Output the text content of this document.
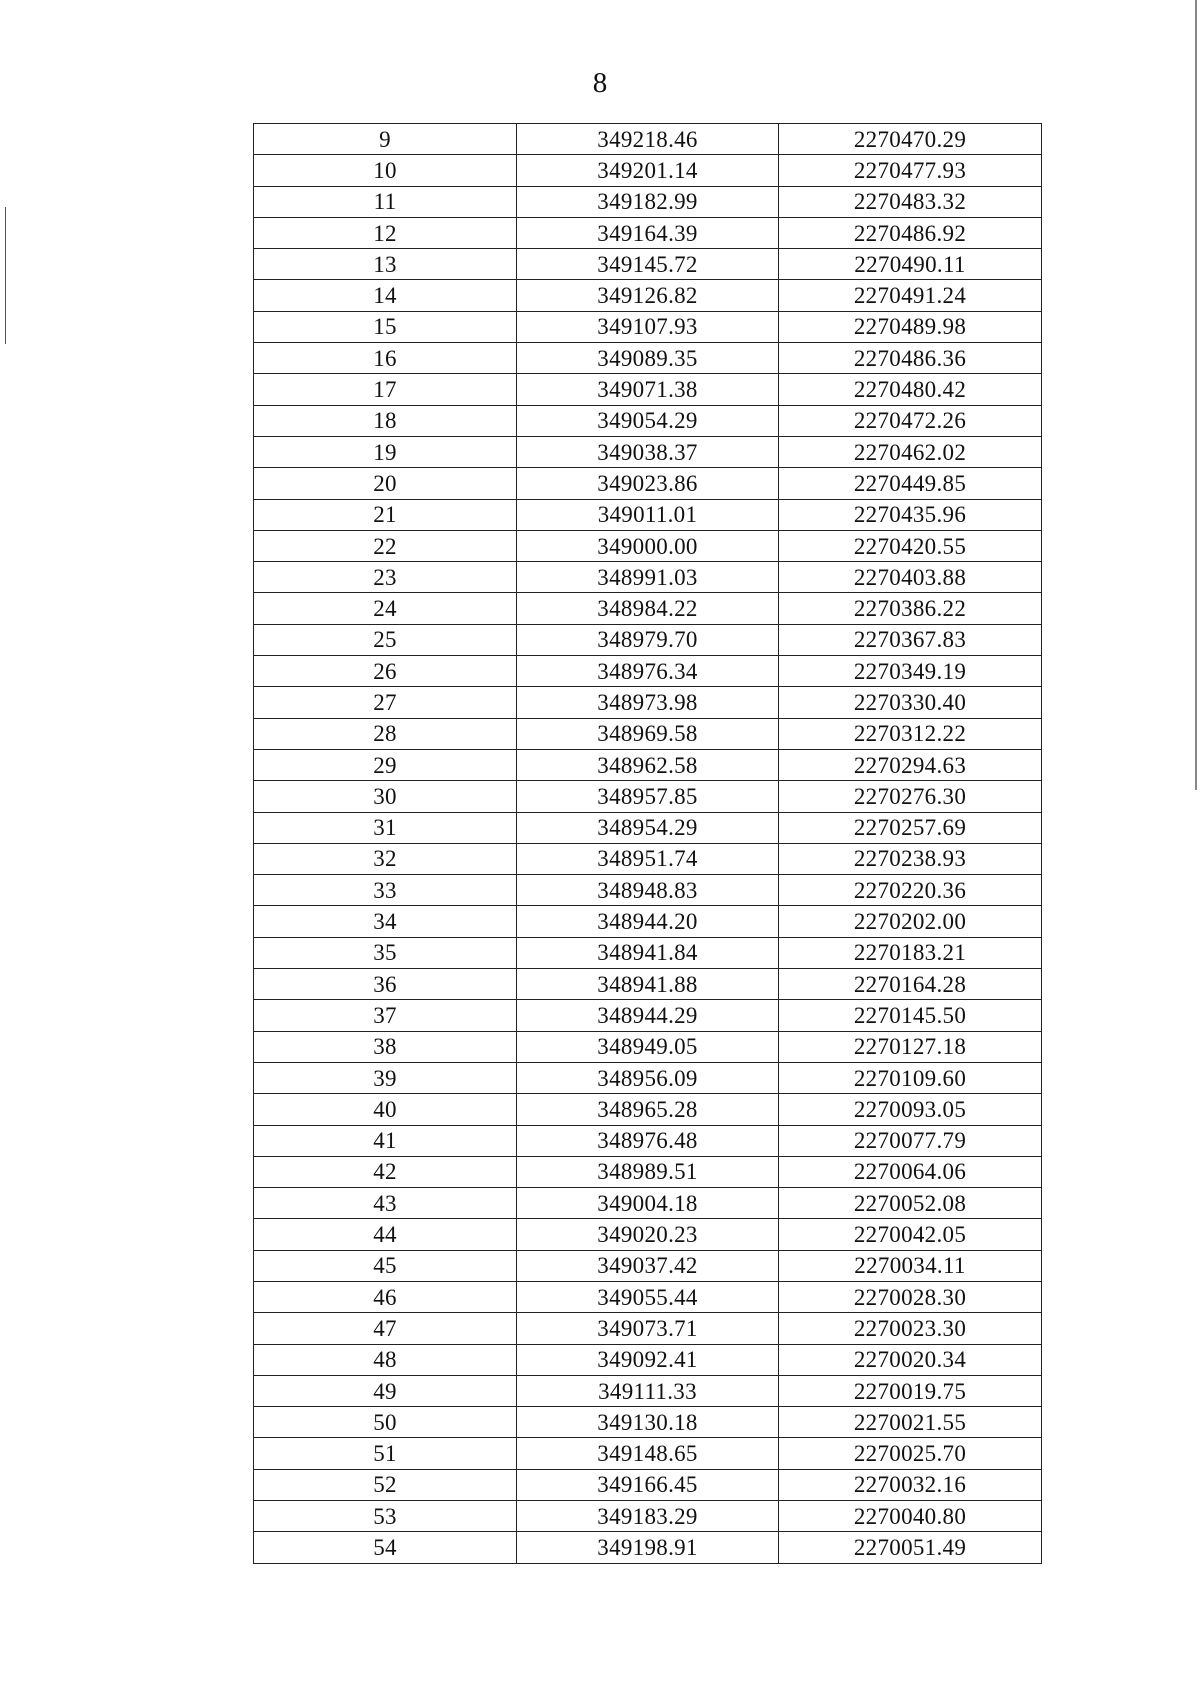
8
9	349218.46	2270470.29
10	349201.14	2270477.93
11	349182.99	2270483.32
12	349164.39	2270486.92
13	349145.72	2270490.11
14	349126.82	2270491.24
15	349107.93	2270489.98
16	349089.35	2270486.36
17	349071.38	2270480.42
18	349054.29	2270472.26
19	349038.37	2270462.02
20	349023.86	2270449.85
21	349011.01	2270435.96
22	349000.00	2270420.55
23	348991.03	2270403.88
24	348984.22	2270386.22
25	348979.70	2270367.83
26	348976.34	2270349.19
27	348973.98	2270330.40
28	348969.58	2270312.22
29	348962.58	2270294.63
30	348957.85	2270276.30
31	348954.29	2270257.69
32	348951.74	2270238.93
33	348948.83	2270220.36
34	348944.20	2270202.00
35	348941.84	2270183.21
36	348941.88	2270164.28
37	348944.29	2270145.50
38	348949.05	2270127.18
39	348956.09	2270109.60
40	348965.28	2270093.05
41	348976.48	2270077.79
42	348989.51	2270064.06
43	349004.18	2270052.08
44	349020.23	2270042.05
45	349037.42	2270034.11
46	349055.44	2270028.30
47	349073.71	2270023.30
48	349092.41	2270020.34
49	349111.33	2270019.75
50	349130.18	2270021.55
51	349148.65	2270025.70
52	349166.45	2270032.16
53	349183.29	2270040.80
54	349198.91	2270051.49
